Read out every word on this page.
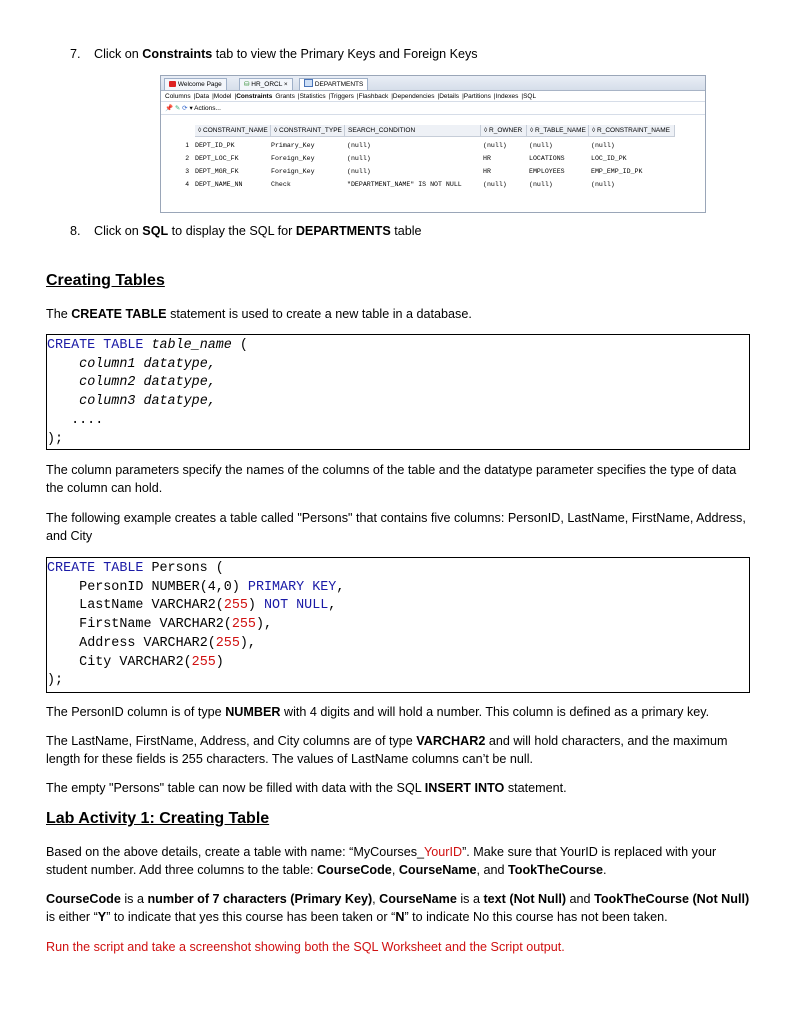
7. Click on Constraints tab to view the Primary Keys and Foreign Keys
Welcome Page	⛁ HR_ORCL ×	DEPARTMENTS
Columns |Data |Model |Constraints Grants |Statistics |Triggers |Flashback |Dependencies |Details |Partitions |Indexes |SQL
📌 ✎ ⟳ ▾ Actions...
◊ CONSTRAINT_NAME ◊ CONSTRAINT_TYPE SEARCH_CONDITION	◊ R_OWNER	◊ R_TABLE_NAME ◊ R_CONSTRAINT_NAME
1 DEPT_ID_PK	Primary_Key	(null)	(null)	(null)	(null)
2 DEPT_LOC_FK	Foreign_Key	(null)	HR	LOCATIONS	LOC_ID_PK
3 DEPT_MGR_FK	Foreign_Key	(null)	HR	EMPLOYEES	EMP_EMP_ID_PK
4 DEPT_NAME_NN	Check	"DEPARTMENT_NAME" IS NOT NULL	(null)	(null)	(null)
8. Click on SQL to display the SQL for DEPARTMENTS table
Creating Tables
The CREATE TABLE statement is used to create a new table in a database.
CREATE TABLE table_name (
column1 datatype,
column2 datatype,
column3 datatype,
....
);
The column parameters specify the names of the columns of the table and the datatype parameter specifies the type of data the column can hold.
The following example creates a table called "Persons" that contains five columns: PersonID, LastName, FirstName, Address, and City
CREATE TABLE Persons (
PersonID NUMBER(4,0) PRIMARY KEY,
LastName VARCHAR2(255) NOT NULL,
FirstName VARCHAR2(255),
Address VARCHAR2(255),
City VARCHAR2(255)
);
The PersonID column is of type NUMBER with 4 digits and will hold a number. This column is defined as a primary key.
The LastName, FirstName, Address, and City columns are of type VARCHAR2 and will hold characters, and the maximum length for these fields is 255 characters. The values of LastName columns can’t be null.
The empty "Persons" table can now be filled with data with the SQL INSERT INTO statement.
Lab Activity 1: Creating Table
Based on the above details, create a table with name: “MyCourses_YourID”. Make sure that YourID is replaced with your student number. Add three columns to the table: CourseCode, CourseName, and TookTheCourse.
CourseCode is a number of 7 characters (Primary Key), CourseName is a text (Not Null) and TookTheCourse (Not Null) is either “Y” to indicate that yes this course has been taken or “N” to indicate No this course has not been taken.
Run the script and take a screenshot showing both the SQL Worksheet and the Script output.
